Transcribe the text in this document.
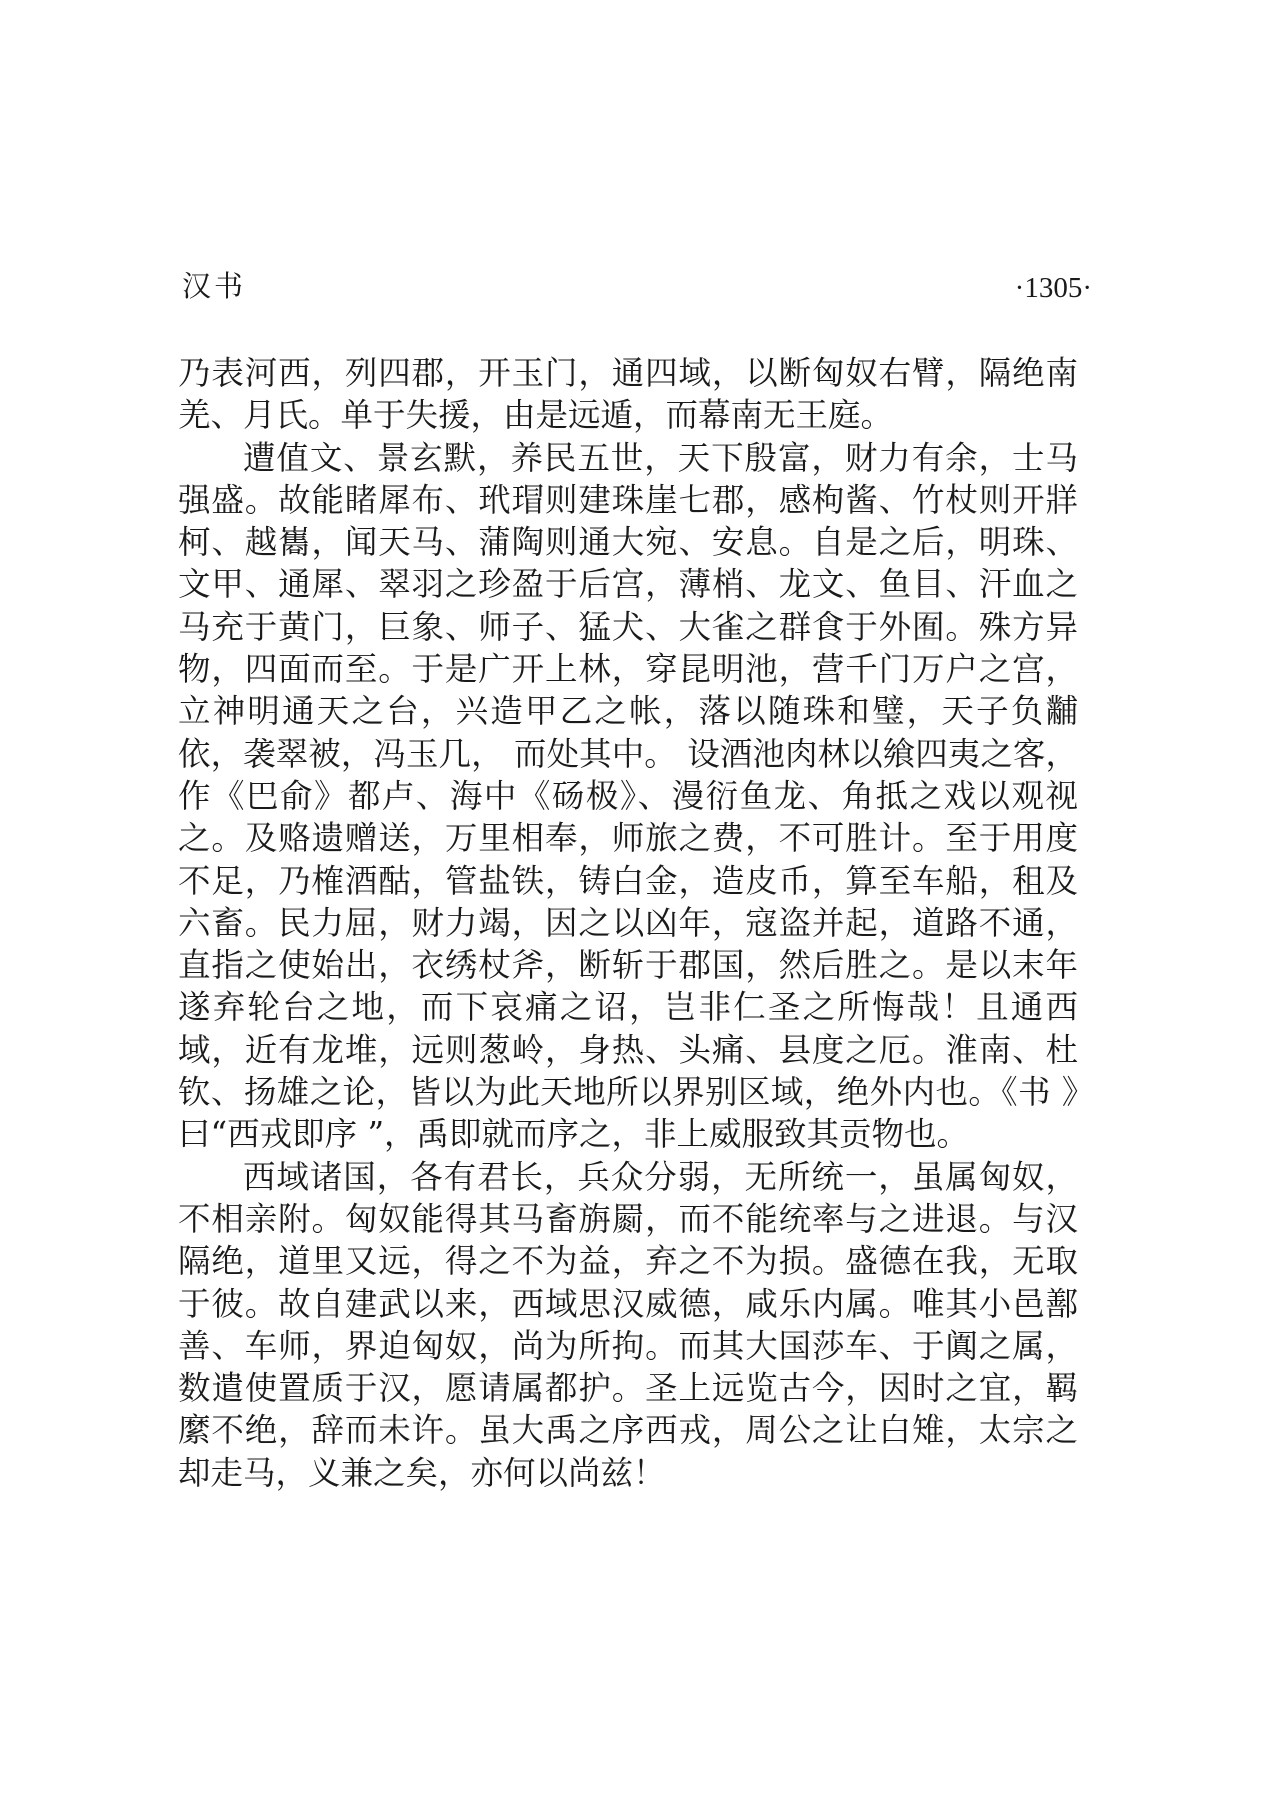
汉书	·1305·

乃表河西，列四郡，开玉门，通四域，以断匈奴右臂，隔绝南羌、月氏。单于失援，由是远遁，而幕南无王庭。

遭值文、景玄默，养民五世，天下殷富，财力有余，士马强盛。故能睹犀布、玳瑁则建珠崖七郡，感枸酱、竹杖则开牂柯、越巂，闻天马、蒲陶则通大宛、安息。自是之后，明珠、文甲、通犀、翠羽之珍盈于后宫，薄梢、龙文、鱼目、汗血之马充于黄门，巨象、师子、猛犬、大雀之群食于外囿。殊方异物，四面而至。于是广开上林，穿昆明池，营千门万户之宫，立神明通天之台，兴造甲乙之帐，落以随珠和璧，天子负黼依，袭翠被，冯玉几， 而处其中。 设酒池肉林以飨四夷之客，作《巴俞》都卢、海中《砀极》、漫衍鱼龙、角抵之戏以观视之。及赂遗赠送，万里相奉，师旅之费，不可胜计。至于用度不足，乃榷酒酤，管盐铁，铸白金，造皮币，算至车船，租及六畜。民力屈，财力竭，因之以凶年，寇盗并起，道路不通，直指之使始出，衣绣杖斧，断斩于郡国，然后胜之。是以末年遂弃轮台之地，而下哀痛之诏，岂非仁圣之所悔哉！且通西域，近有龙堆，远则葱岭，身热、头痛、县度之厄。淮南、杜钦、扬雄之论，皆以为此天地所以界别区域，绝外内也。《书 》曰“西戎即序 ”，禹即就而序之，非上威服致其贡物也。

西域诸国，各有君长，兵众分弱，无所统一，虽属匈奴，不相亲附。匈奴能得其马畜旃罽，而不能统率与之进退。与汉隔绝，道里又远，得之不为益，弃之不为损。盛德在我，无取于彼。故自建武以来，西域思汉威德，咸乐内属。唯其小邑鄯善、车师，界迫匈奴，尚为所拘。而其大国莎车、于阗之属，数遣使置质于汉，愿请属都护。圣上远览古今，因时之宜，羁縻不绝，辞而未许。虽大禹之序西戎，周公之让白雉，太宗之却走马，义兼之矣，亦何以尚兹！
